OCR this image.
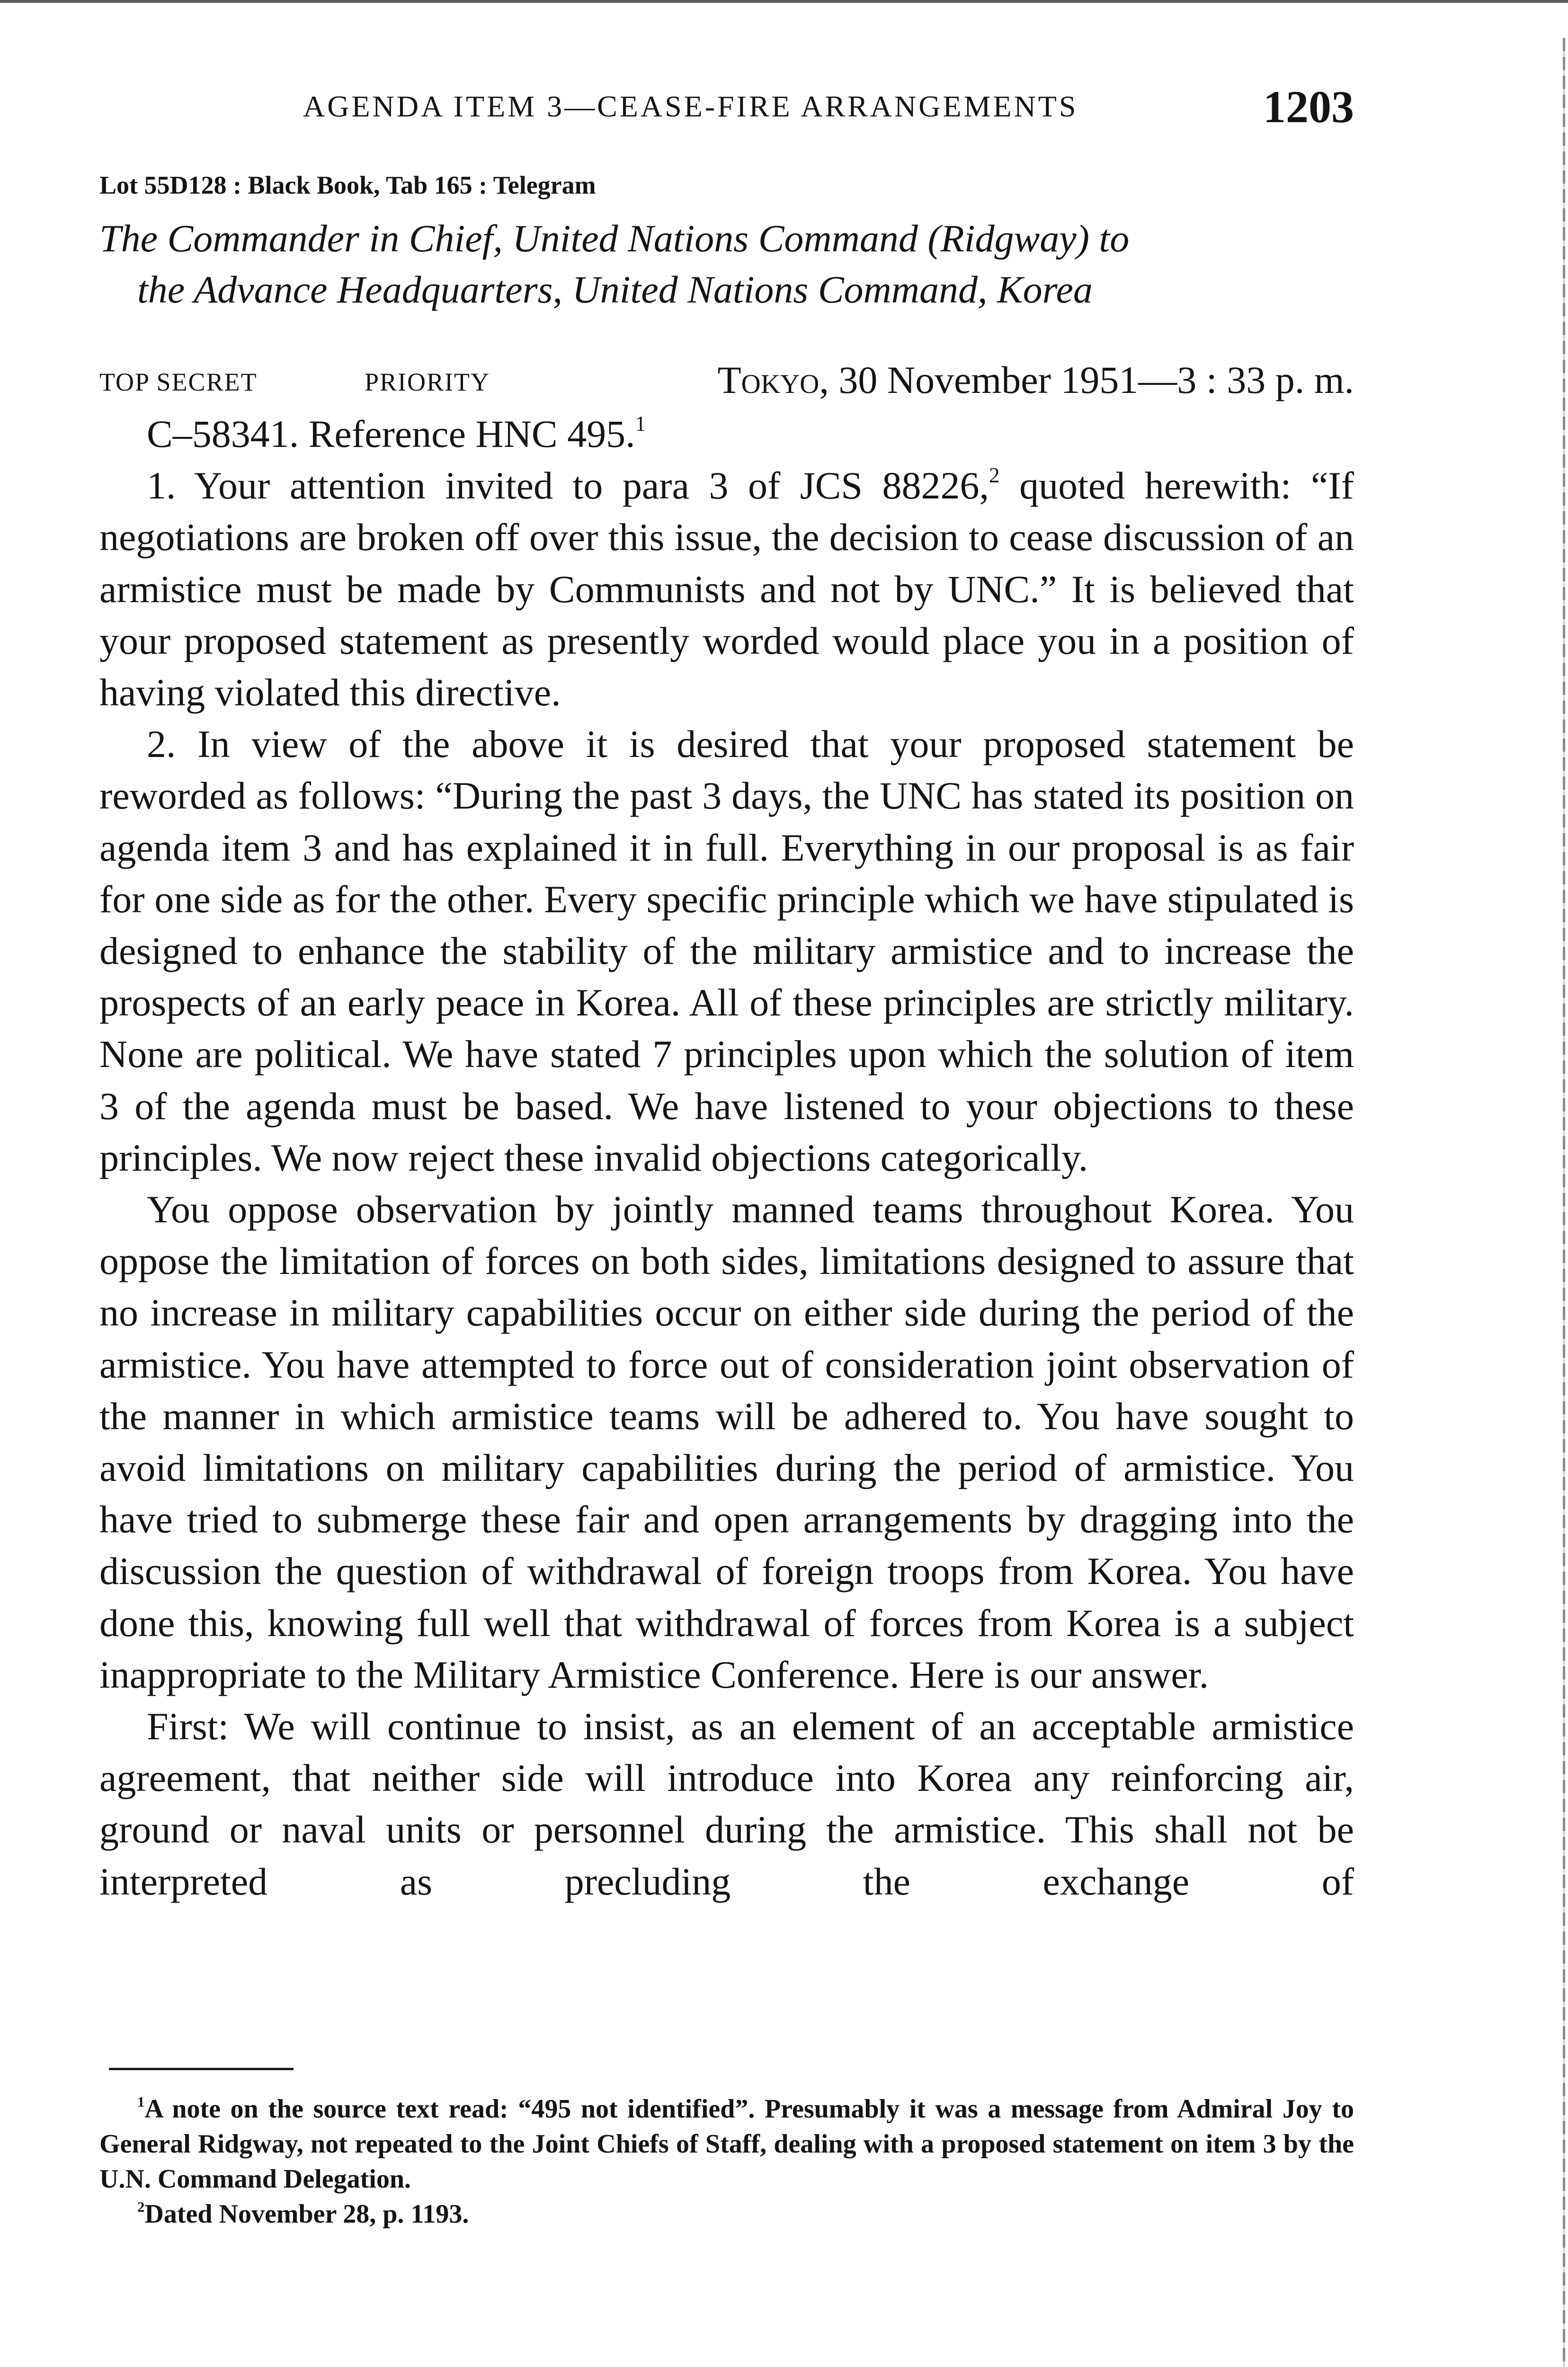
AGENDA ITEM 3—CEASE-FIRE ARRANGEMENTS	1203
Lot 55D128 : Black Book, Tab 165 : Telegram
The Commander in Chief, United Nations Command (Ridgway) to
the Advance Headquarters, United Nations Command, Korea
TOP SECRET	PRIORITY	Tokyo, 30 November 1951—3 : 33 p. m.

C–58341. Reference HNC 495.$^1$

1. Your attention invited to para 3 of JCS 88226,$^2$ quoted herewith: “If negotiations are broken off over this issue, the decision to cease discussion of an armistice must be made by Communists and not by UNC.” It is believed that your proposed statement as presently worded would place you in a position of having violated this directive.

2. In view of the above it is desired that your proposed statement be reworded as follows: “During the past 3 days, the UNC has stated its position on agenda item 3 and has explained it in full. Everything in our proposal is as fair for one side as for the other. Every specific principle which we have stipulated is designed to enhance the stability of the military armistice and to increase the prospects of an early peace in Korea. All of these principles are strictly military. None are political. We have stated 7 principles upon which the solution of item 3 of the agenda must be based. We have listened to your objections to these principles. We now reject these invalid objections categorically.

You oppose observation by jointly manned teams throughout Korea. You oppose the limitation of forces on both sides, limitations designed to assure that no increase in military capabilities occur on either side during the period of the armistice. You have attempted to force out of consideration joint observation of the manner in which armistice teams will be adhered to. You have sought to avoid limitations on military capabilities during the period of armistice. You have tried to submerge these fair and open arrangements by dragging into the discussion the question of withdrawal of foreign troops from Korea. You have done this, knowing full well that withdrawal of forces from Korea is a subject inappropriate to the Military Armistice Conference. Here is our answer.

First: We will continue to insist, as an element of an acceptable armistice agreement, that neither side will introduce into Korea any reinforcing air, ground or naval units or personnel during the armistice. This shall not be interpreted as precluding the exchange of

$^1$A note on the source text read: “495 not identified”. Presumably it was a message from Admiral Joy to General Ridgway, not repeated to the Joint Chiefs of Staff, dealing with a proposed statement on item 3 by the U.N. Command Delegation.

$^2$Dated November 28, p. 1193.
